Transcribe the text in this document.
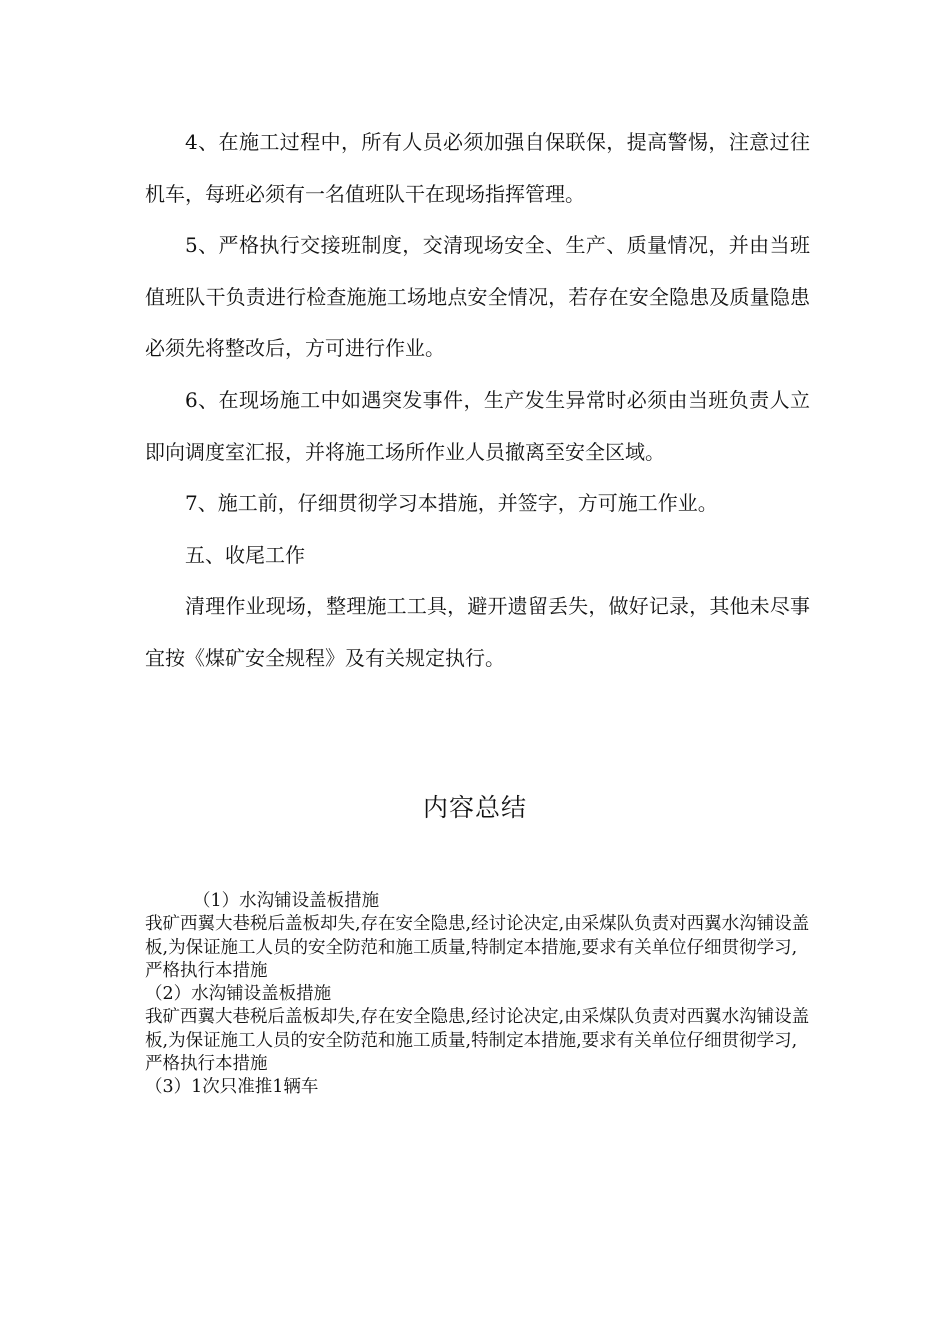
4、在施工过程中，所有人员必须加强自保联保，提高警惕，注意过往机车，每班必须有一名值班队干在现场指挥管理。

5、严格执行交接班制度，交清现场安全、生产、质量情况，并由当班值班队干负责进行检查施施工场地点安全情况，若存在安全隐患及质量隐患必须先将整改后，方可进行作业。

6、在现场施工中如遇突发事件，生产发生异常时必须由当班负责人立即向调度室汇报，并将施工场所作业人员撤离至安全区域。

7、施工前，仔细贯彻学习本措施，并签字，方可施工作业。

五、收尾工作

清理作业现场，整理施工工具，避开遗留丢失，做好记录，其他未尽事宜按《煤矿安全规程》及有关规定执行。

内容总结

（1）水沟铺设盖板措施

我矿西翼大巷税后盖板却失,存在安全隐患,经讨论决定,由采煤队负责对西翼水沟铺设盖板,为保证施工人员的安全防范和施工质量,特制定本措施,要求有关单位仔细贯彻学习,严格执行本措施

（2）水沟铺设盖板措施

我矿西翼大巷税后盖板却失,存在安全隐患,经讨论决定,由采煤队负责对西翼水沟铺设盖板,为保证施工人员的安全防范和施工质量,特制定本措施,要求有关单位仔细贯彻学习,严格执行本措施

（3）1次只准推1辆车
